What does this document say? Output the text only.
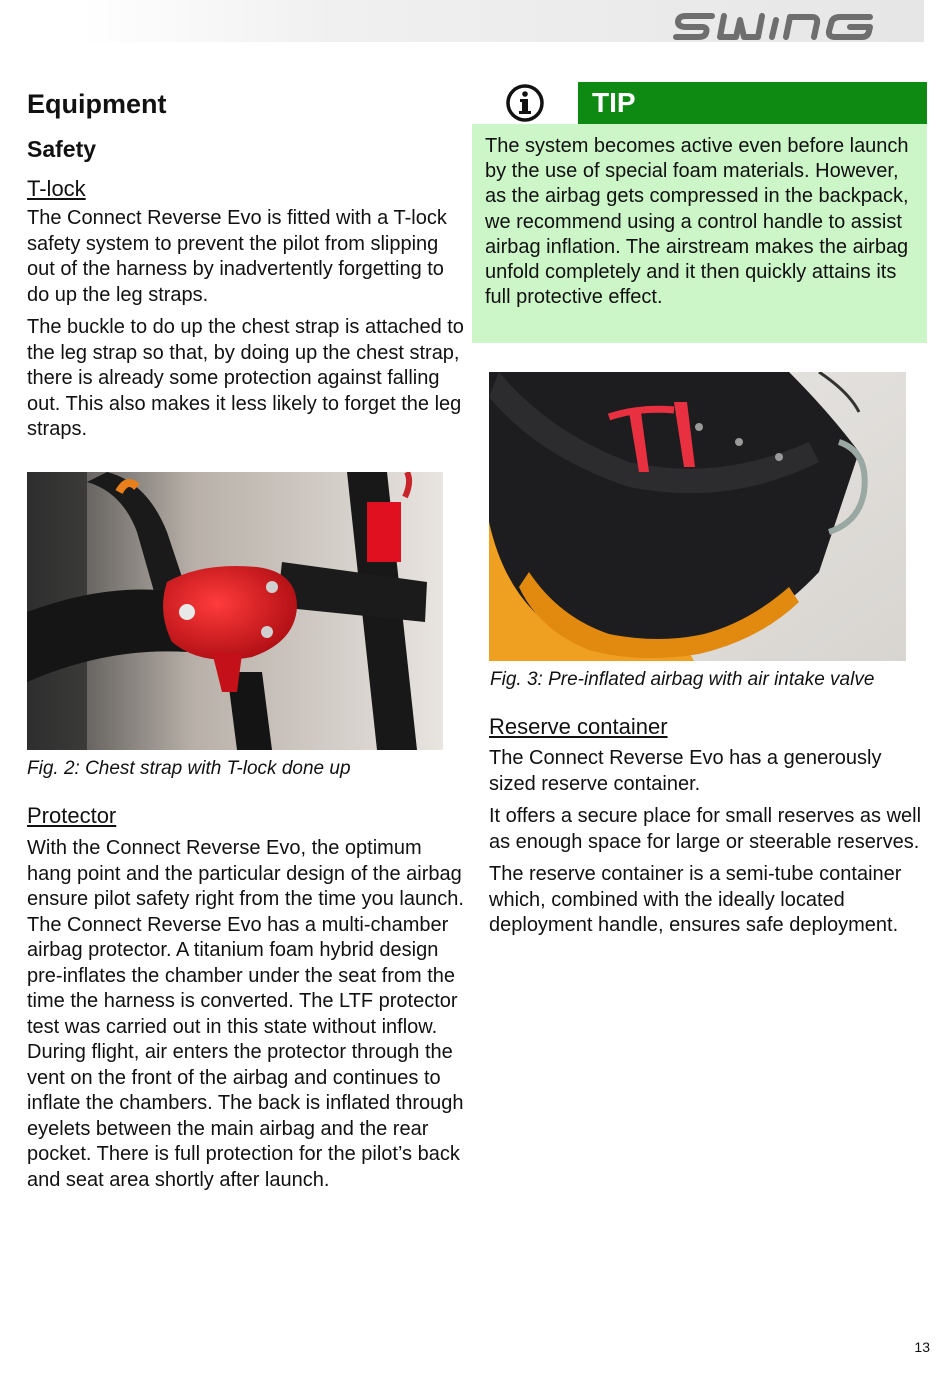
Equipment
Safety
T-lock

The Connect Reverse Evo is fitted with a T-lock safety system to prevent the pilot from slipping out of the harness by inadvertently forgetting to do up the leg straps.

The buckle to do up the chest strap is attached to the leg strap so that, by doing up the chest strap, there is already some protection against falling out. This also makes it less likely to forget the leg straps.

Fig. 2: Chest strap with T-lock done up
Protector

With the Connect Reverse Evo, the optimum hang point and the particular design of the airbag ensure pilot safety right from the time you launch. The Connect Reverse Evo has a multi-chamber airbag protector. A titanium foam hybrid design pre-inflates the chamber under the seat from the time the harness is converted. The LTF protector test was carried out in this state without inflow. During flight, air enters the protector through the vent on the front of the airbag and continues to inflate the chambers. The back is inflated through eyelets between the main airbag and the rear pocket. There is full protection for the pilot’s back and seat area shortly after launch.

TIP
The system becomes active even before launch by the use of special foam materials. However, as the airbag gets compressed in the backpack, we recommend using a control handle to assist airbag inflation. The airstream makes the airbag unfold completely and it then quickly attains its full protective effect.
Fig. 3: Pre-inflated airbag with air intake valve
Reserve container

The Connect Reverse Evo has a generously sized reserve container.

It offers a secure place for small reserves as well as enough space for large or steerable reserves.

The reserve container is a semi-tube container which, combined with the ideally located deployment handle, ensures safe deployment.

13
